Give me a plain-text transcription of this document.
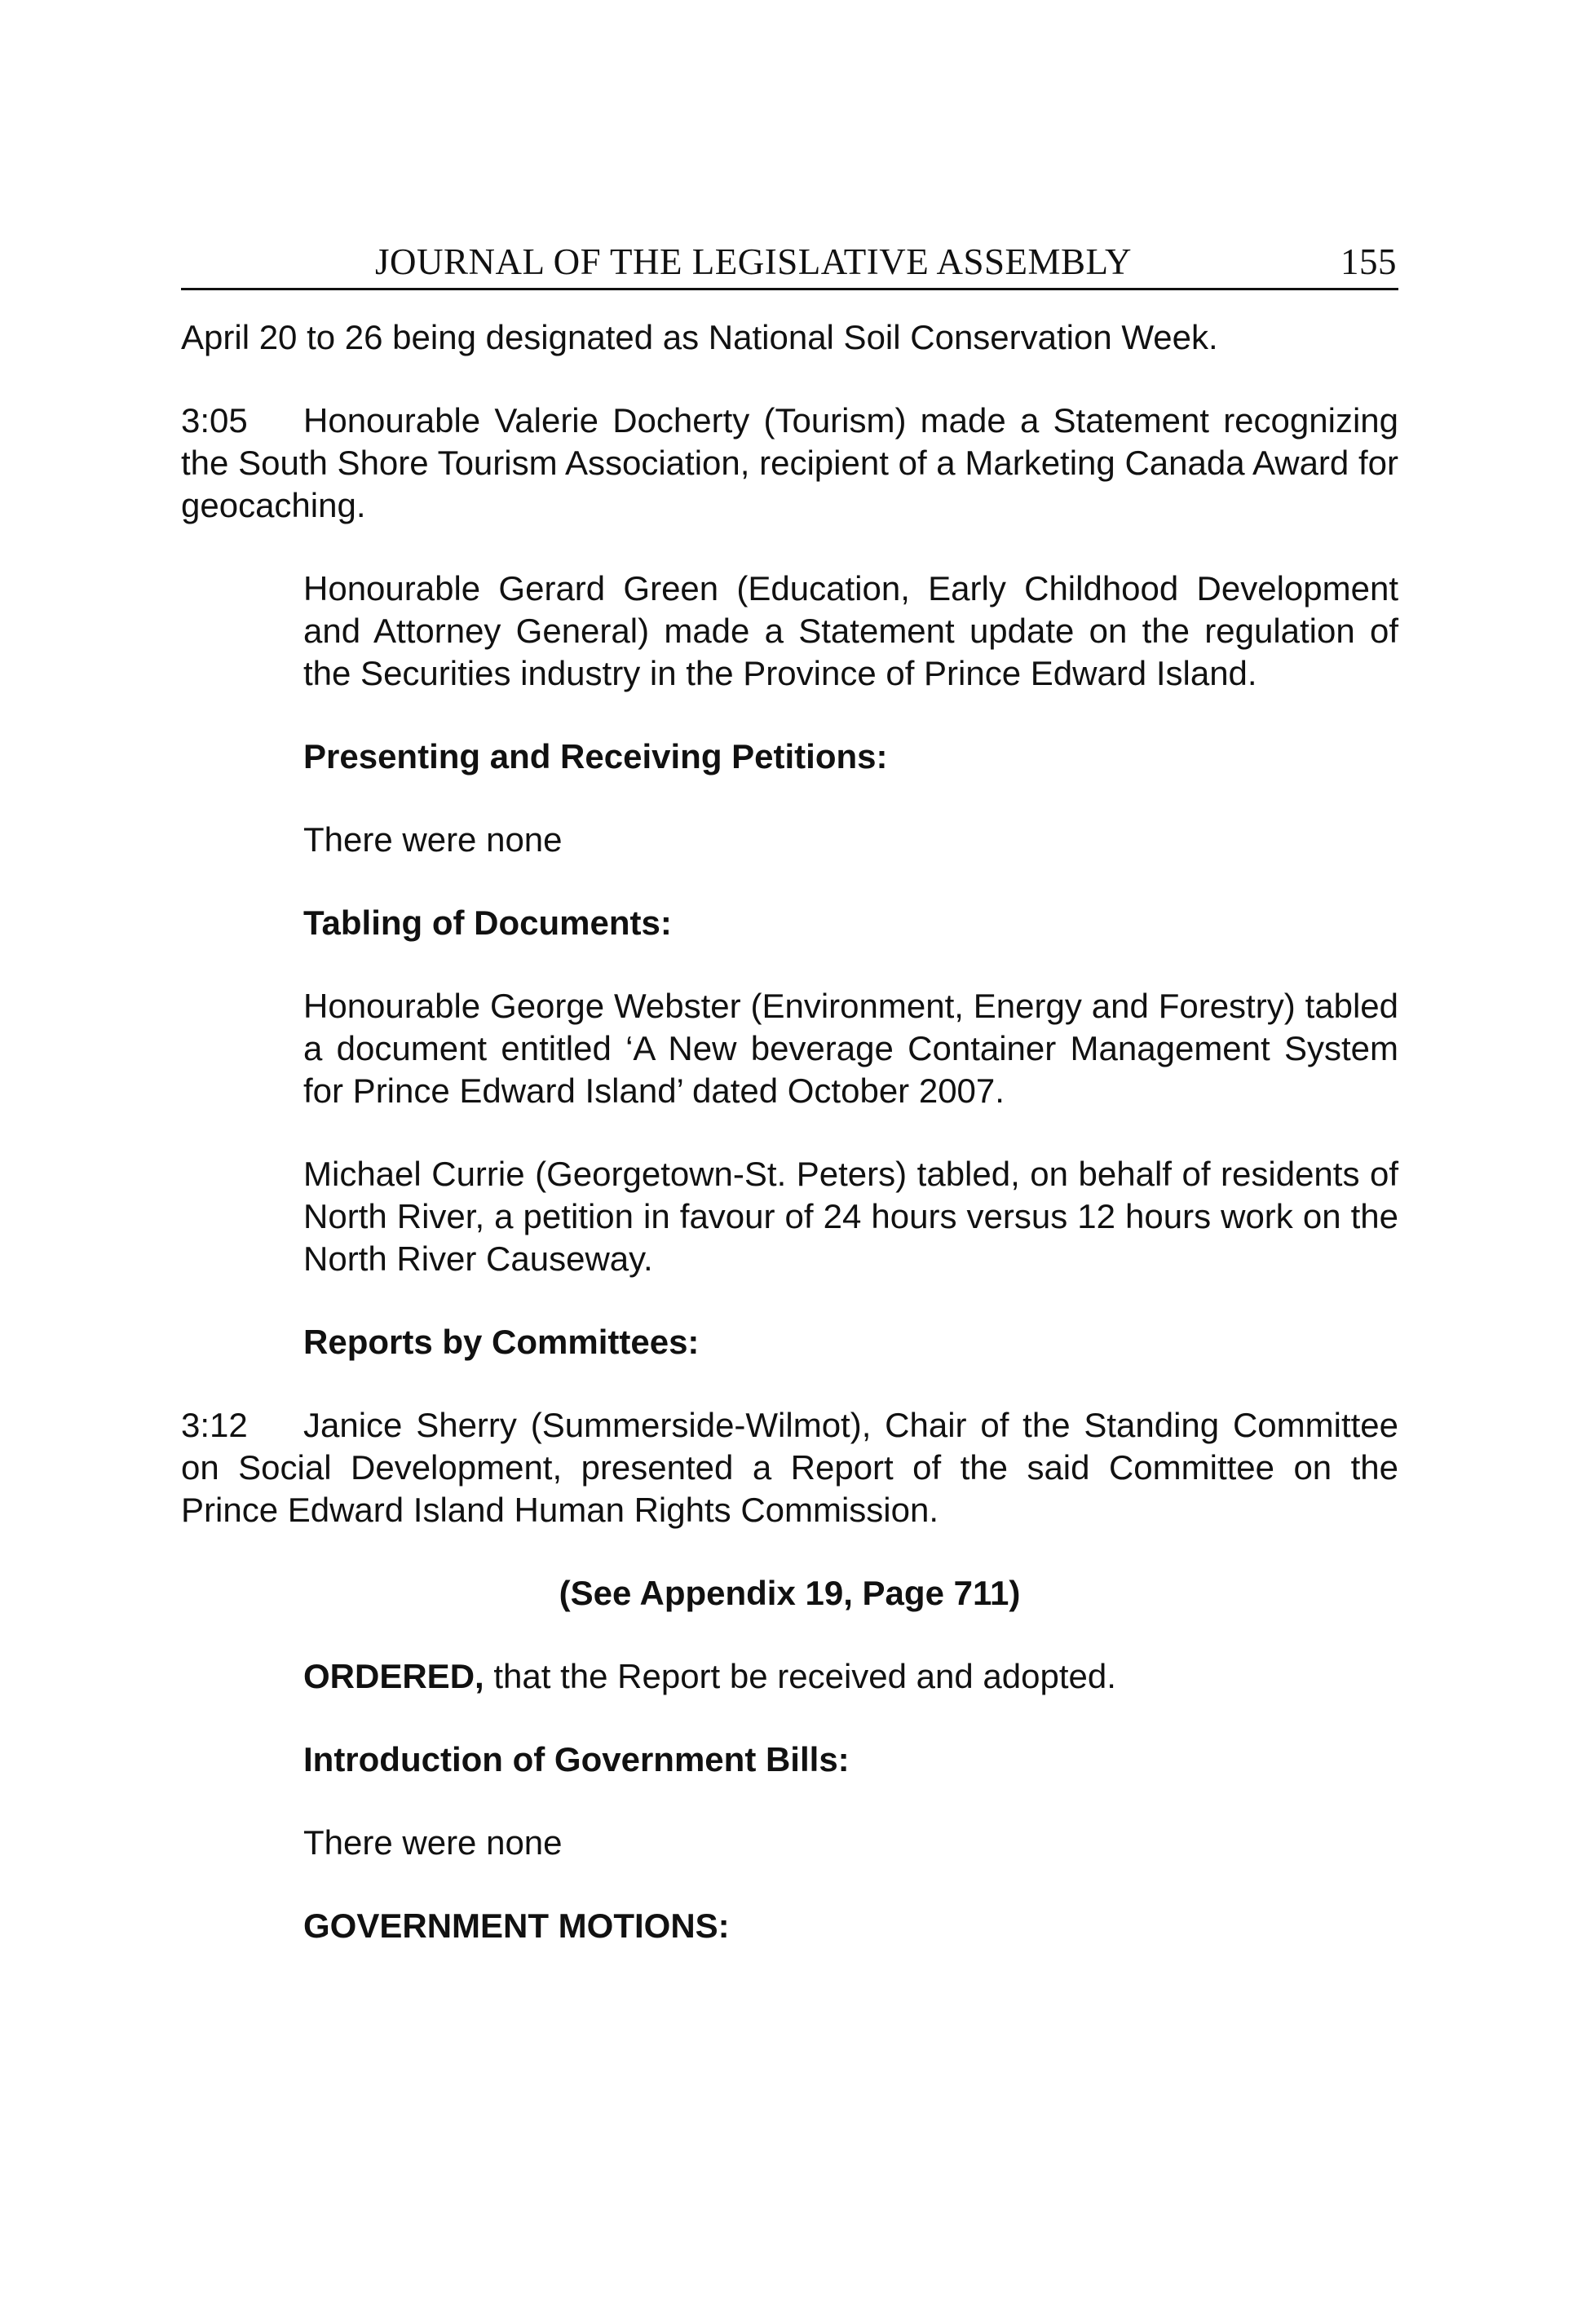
JOURNAL OF THE LEGISLATIVE ASSEMBLY	155

April 20 to 26 being designated as National Soil Conservation Week.

3:05 Honourable Valerie Docherty (Tourism) made a Statement recognizing the South Shore Tourism Association, recipient of a Marketing Canada Award for geocaching.

Honourable Gerard Green (Education, Early Childhood Development and Attorney General) made a Statement update on the regulation of the Securities industry in the Province of Prince Edward Island.

Presenting and Receiving Petitions:

There were none

Tabling of Documents:

Honourable George Webster (Environment, Energy and Forestry) tabled a document entitled ‘A New beverage Container Management System for Prince Edward Island’ dated October 2007.

Michael Currie (Georgetown-St. Peters) tabled, on behalf of residents of North River, a petition in favour of 24 hours versus 12 hours work on the North River Causeway.

Reports by Committees:

3:12 Janice Sherry (Summerside-Wilmot), Chair of the Standing Committee on Social Development, presented a Report of the said Committee on the Prince Edward Island Human Rights Commission.

(See Appendix 19, Page 711)

ORDERED, that the Report be received and adopted.

Introduction of Government Bills:

There were none

GOVERNMENT MOTIONS:
